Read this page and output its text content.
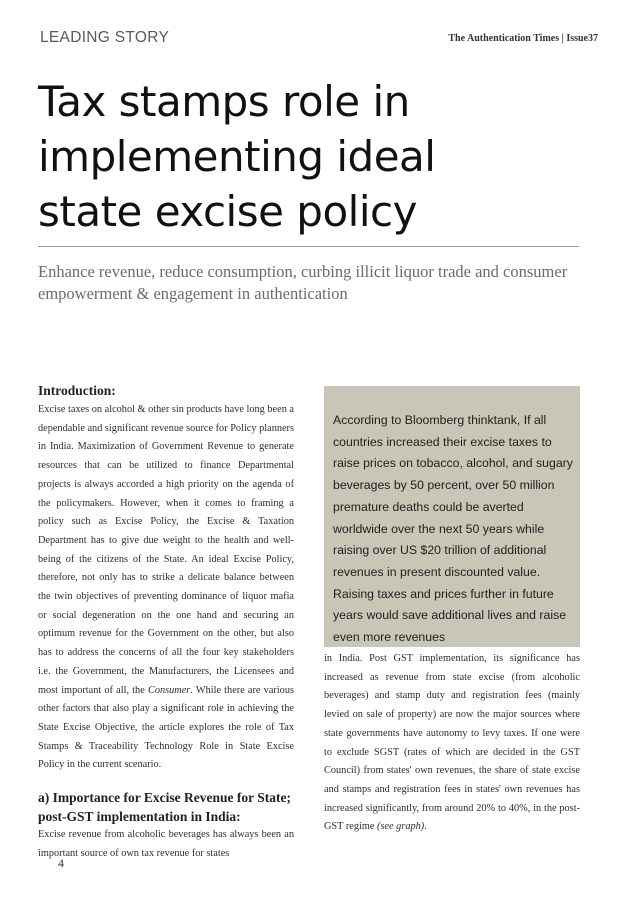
LEADING STORY	The Authentication Times | Issue37
Tax stamps role in
implementing ideal
state excise policy
Enhance revenue, reduce consumption, curbing illicit liquor trade and consumer empowerment & engagement in authentication
Introduction:

Excise taxes on alcohol & other sin products have long been a dependable and significant revenue source for Policy planners in India. Maximization of Government Revenue to generate resources that can be utilized to finance Departmental projects is always accorded a high priority on the agenda of the policymakers. However, when it comes to framing a policy such as Excise Policy, the Excise & Taxation Department has to give due weight to the health and well-being of the citizens of the State. An ideal Excise Policy, therefore, not only has to strike a delicate balance between the twin objectives of preventing dominance of liquor mafia or social degeneration on the one hand and securing an optimum revenue for the Government on the other, but also has to address the concerns of all the four key stakeholders i.e. the Government, the Manufacturers, the Licensees and most important of all, the Consumer. While there are various other factors that also play a significant role in achieving the State Excise Objective, the article explores the role of Tax Stamps & Traceability Technology Role in State Excise Policy in the current scenario.

a) Importance for Excise Revenue for State; post-GST implementation in India:

Excise revenue from alcoholic beverages has always been an important source of own tax revenue for states

According to Bloomberg thinktank, If all countries increased their excise taxes to raise prices on tobacco, alcohol, and sugary beverages by 50 percent, over 50 million premature deaths could be averted worldwide over the next 50 years while raising over US $20 trillion of additional revenues in present discounted value. Raising taxes and prices further in future years would save additional lives and raise even more revenues

in India. Post GST implementation, its significance has increased as revenue from state excise (from alcoholic beverages) and stamp duty and registration fees (mainly levied on sale of property) are now the major sources where state governments have autonomy to levy taxes. If one were to exclude SGST (rates of which are decided in the GST Council) from states' own revenues, the share of state excise and stamps and registration fees in states' own revenues has increased significantly, from around 20% to 40%, in the post-GST regime (see graph).

4
